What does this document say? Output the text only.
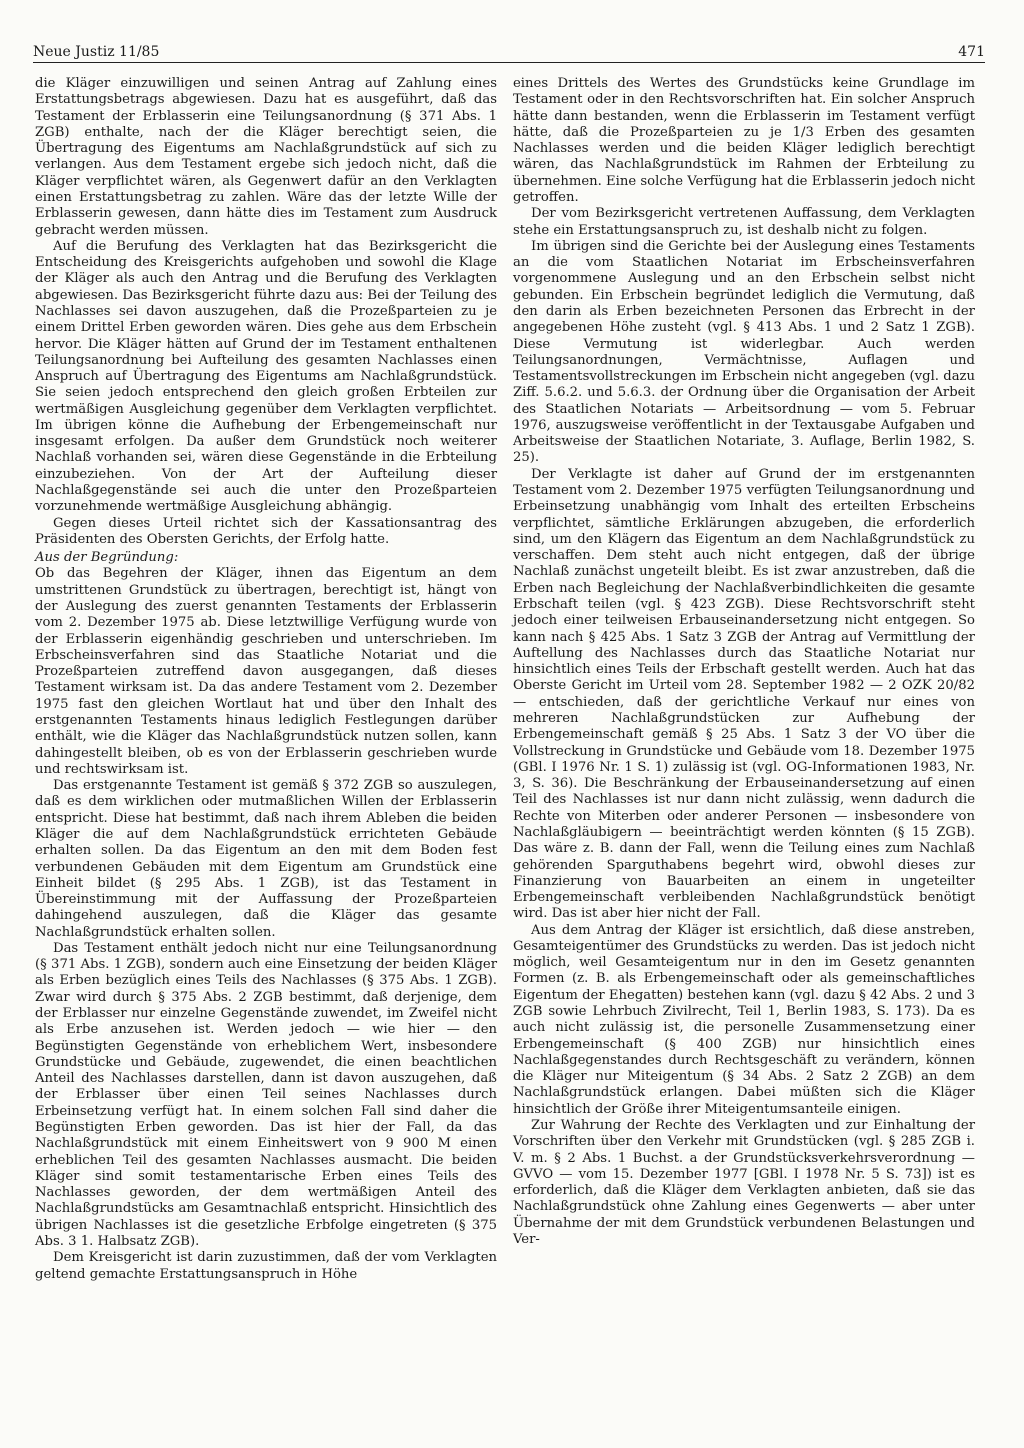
Neue Justiz 11/85	471

die Kläger einzuwilligen und seinen Antrag auf Zahlung eines Erstattungsbetrags abgewiesen. Dazu hat es ausgeführt, daß das Testament der Erblasserin eine Teilungsanordnung (§ 371 Abs. 1 ZGB) enthalte, nach der die Kläger berechtigt seien, die Übertragung des Eigentums am Nachlaßgrundstück auf sich zu verlangen. Aus dem Testament ergebe sich jedoch nicht, daß die Kläger verpflichtet wären, als Gegenwert dafür an den Verklagten einen Erstattungsbetrag zu zahlen. Wäre das der letzte Wille der Erblasserin gewesen, dann hätte dies im Testament zum Ausdruck gebracht werden müssen.

Auf die Berufung des Verklagten hat das Bezirksgericht die Entscheidung des Kreisgerichts aufgehoben und sowohl die Klage der Kläger als auch den Antrag und die Berufung des Verklagten abgewiesen. Das Bezirksgericht führte dazu aus: Bei der Teilung des Nachlasses sei davon auszugehen, daß die Prozeßparteien zu je einem Drittel Erben geworden wären. Dies gehe aus dem Erbschein hervor. Die Kläger hätten auf Grund der im Testament enthaltenen Teilungsanordnung bei Aufteilung des gesamten Nachlasses einen Anspruch auf Übertragung des Eigentums am Nachlaßgrundstück. Sie seien jedoch entsprechend den gleich großen Erbteilen zur wertmäßigen Ausgleichung gegenüber dem Verklagten verpflichtet. Im übrigen könne die Aufhebung der Erbengemeinschaft nur insgesamt erfolgen. Da außer dem Grundstück noch weiterer Nachlaß vorhanden sei, wären diese Gegenstände in die Erbteilung einzubeziehen. Von der Art der Aufteilung dieser Nachlaßgegenstände sei auch die unter den Prozeßparteien vorzunehmende wertmäßige Ausgleichung abhängig.

Gegen dieses Urteil richtet sich der Kassationsantrag des Präsidenten des Obersten Gerichts, der Erfolg hatte.

Aus der Begründung:

Ob das Begehren der Kläger, ihnen das Eigentum an dem umstrittenen Grundstück zu übertragen, berechtigt ist, hängt von der Auslegung des zuerst genannten Testaments der Erblasserin vom 2. Dezember 1975 ab. Diese letztwillige Verfügung wurde von der Erblasserin eigenhändig geschrieben und unterschrieben. Im Erbscheinsverfahren sind das Staatliche Notariat und die Prozeßparteien zutreffend davon ausgegangen, daß dieses Testament wirksam ist. Da das andere Testament vom 2. Dezember 1975 fast den gleichen Wortlaut hat und über den Inhalt des erstgenannten Testaments hinaus lediglich Festlegungen darüber enthält, wie die Kläger das Nachlaßgrundstück nutzen sollen, kann dahingestellt bleiben, ob es von der Erblasserin geschrieben wurde und rechtswirksam ist.

Das erstgenannte Testament ist gemäß § 372 ZGB so auszulegen, daß es dem wirklichen oder mutmaßlichen Willen der Erblasserin entspricht. Diese hat bestimmt, daß nach ihrem Ableben die beiden Kläger die auf dem Nachlaßgrundstück errichteten Gebäude erhalten sollen. Da das Eigentum an den mit dem Boden fest verbundenen Gebäuden mit dem Eigentum am Grundstück eine Einheit bildet (§ 295 Abs. 1 ZGB), ist das Testament in Übereinstimmung mit der Auffassung der Prozeßparteien dahingehend auszulegen, daß die Kläger das gesamte Nachlaßgrundstück erhalten sollen.

Das Testament enthält jedoch nicht nur eine Teilungsanordnung (§ 371 Abs. 1 ZGB), sondern auch eine Einsetzung der beiden Kläger als Erben bezüglich eines Teils des Nachlasses (§ 375 Abs. 1 ZGB). Zwar wird durch § 375 Abs. 2 ZGB bestimmt, daß derjenige, dem der Erblasser nur einzelne Gegenstände zuwendet, im Zweifel nicht als Erbe anzusehen ist. Werden jedoch — wie hier — den Begünstigten Gegenstände von erheblichem Wert, insbesondere Grundstücke und Gebäude, zugewendet, die einen beachtlichen Anteil des Nachlasses darstellen, dann ist davon auszugehen, daß der Erblasser über einen Teil seines Nachlasses durch Erbeinsetzung verfügt hat. In einem solchen Fall sind daher die Begünstigten Erben geworden. Das ist hier der Fall, da das Nachlaßgrundstück mit einem Einheitswert von 9 900 M einen erheblichen Teil des gesamten Nachlasses ausmacht. Die beiden Kläger sind somit testamentarische Erben eines Teils des Nachlasses geworden, der dem wertmäßigen Anteil des Nachlaßgrundstücks am Gesamtnachlaß entspricht. Hinsichtlich des übrigen Nachlasses ist die gesetzliche Erbfolge eingetreten (§ 375 Abs. 3 1. Halbsatz ZGB).

Dem Kreisgericht ist darin zuzustimmen, daß der vom Verklagten geltend gemachte Erstattungsanspruch in Höhe

eines Drittels des Wertes des Grundstücks keine Grundlage im Testament oder in den Rechtsvorschriften hat. Ein solcher Anspruch hätte dann bestanden, wenn die Erblasserin im Testament verfügt hätte, daß die Prozeßparteien zu je 1/3 Erben des gesamten Nachlasses werden und die beiden Kläger lediglich berechtigt wären, das Nachlaßgrundstück im Rahmen der Erbteilung zu übernehmen. Eine solche Verfügung hat die Erblasserin jedoch nicht getroffen.

Der vom Bezirksgericht vertretenen Auffassung, dem Verklagten stehe ein Erstattungsanspruch zu, ist deshalb nicht zu folgen.

Im übrigen sind die Gerichte bei der Auslegung eines Testaments an die vom Staatlichen Notariat im Erbscheinsverfahren vorgenommene Auslegung und an den Erbschein selbst nicht gebunden. Ein Erbschein begründet lediglich die Vermutung, daß den darin als Erben bezeichneten Personen das Erbrecht in der angegebenen Höhe zusteht (vgl. § 413 Abs. 1 und 2 Satz 1 ZGB). Diese Vermutung ist widerlegbar. Auch werden Teilungsanordnungen, Vermächtnisse, Auflagen und Testamentsvollstreckungen im Erbschein nicht angegeben (vgl. dazu Ziff. 5.6.2. und 5.6.3. der Ordnung über die Organisation der Arbeit des Staatlichen Notariats — Arbeitsordnung — vom 5. Februar 1976, auszugsweise veröffentlicht in der Textausgabe Aufgaben und Arbeitsweise der Staatlichen Notariate, 3. Auflage, Berlin 1982, S. 25).

Der Verklagte ist daher auf Grund der im erstgenannten Testament vom 2. Dezember 1975 verfügten Teilungsanordnung und Erbeinsetzung unabhängig vom Inhalt des erteilten Erbscheins verpflichtet, sämtliche Erklärungen abzugeben, die erforderlich sind, um den Klägern das Eigentum an dem Nachlaßgrundstück zu verschaffen. Dem steht auch nicht entgegen, daß der übrige Nachlaß zunächst ungeteilt bleibt. Es ist zwar anzustreben, daß die Erben nach Begleichung der Nachlaßverbindlichkeiten die gesamte Erbschaft teilen (vgl. § 423 ZGB). Diese Rechtsvorschrift steht jedoch einer teilweisen Erbauseinandersetzung nicht entgegen. So kann nach § 425 Abs. 1 Satz 3 ZGB der Antrag auf Vermittlung der Auftellung des Nachlasses durch das Staatliche Notariat nur hinsichtlich eines Teils der Erbschaft gestellt werden. Auch hat das Oberste Gericht im Urteil vom 28. September 1982 — 2 OZK 20/82 — entschieden, daß der gerichtliche Verkauf nur eines von mehreren Nachlaßgrundstücken zur Aufhebung der Erbengemeinschaft gemäß § 25 Abs. 1 Satz 3 der VO über die Vollstreckung in Grundstücke und Gebäude vom 18. Dezember 1975 (GBl. I 1976 Nr. 1 S. 1) zulässig ist (vgl. OG-Informationen 1983, Nr. 3, S. 36). Die Beschränkung der Erbauseinandersetzung auf einen Teil des Nachlasses ist nur dann nicht zulässig, wenn dadurch die Rechte von Miterben oder anderer Personen — insbesondere von Nachlaßgläubigern — beeinträchtigt werden könnten (§ 15 ZGB). Das wäre z. B. dann der Fall, wenn die Teilung eines zum Nachlaß gehörenden Sparguthabens begehrt wird, obwohl dieses zur Finanzierung von Bauarbeiten an einem in ungeteilter Erbengemeinschaft verbleibenden Nachlaßgrundstück benötigt wird. Das ist aber hier nicht der Fall.

Aus dem Antrag der Kläger ist ersichtlich, daß diese anstreben, Gesamteigentümer des Grundstücks zu werden. Das ist jedoch nicht möglich, weil Gesamteigentum nur in den im Gesetz genannten Formen (z. B. als Erbengemeinschaft oder als gemeinschaftliches Eigentum der Ehegatten) bestehen kann (vgl. dazu § 42 Abs. 2 und 3 ZGB sowie Lehrbuch Zivilrecht, Teil 1, Berlin 1983, S. 173). Da es auch nicht zulässig ist, die personelle Zusammensetzung einer Erbengemeinschaft (§ 400 ZGB) nur hinsichtlich eines Nachlaßgegenstandes durch Rechtsgeschäft zu verändern, können die Kläger nur Miteigentum (§ 34 Abs. 2 Satz 2 ZGB) an dem Nachlaßgrundstück erlangen. Dabei müßten sich die Kläger hinsichtlich der Größe ihrer Miteigentumsanteile einigen.

Zur Wahrung der Rechte des Verklagten und zur Einhaltung der Vorschriften über den Verkehr mit Grundstücken (vgl. § 285 ZGB i. V. m. § 2 Abs. 1 Buchst. a der Grundstücksverkehrsverordnung — GVVO — vom 15. Dezember 1977 [GBl. I 1978 Nr. 5 S. 73]) ist es erforderlich, daß die Kläger dem Verklagten anbieten, daß sie das Nachlaßgrundstück ohne Zahlung eines Gegenwerts — aber unter Übernahme der mit dem Grundstück verbundenen Belastungen und Ver-
